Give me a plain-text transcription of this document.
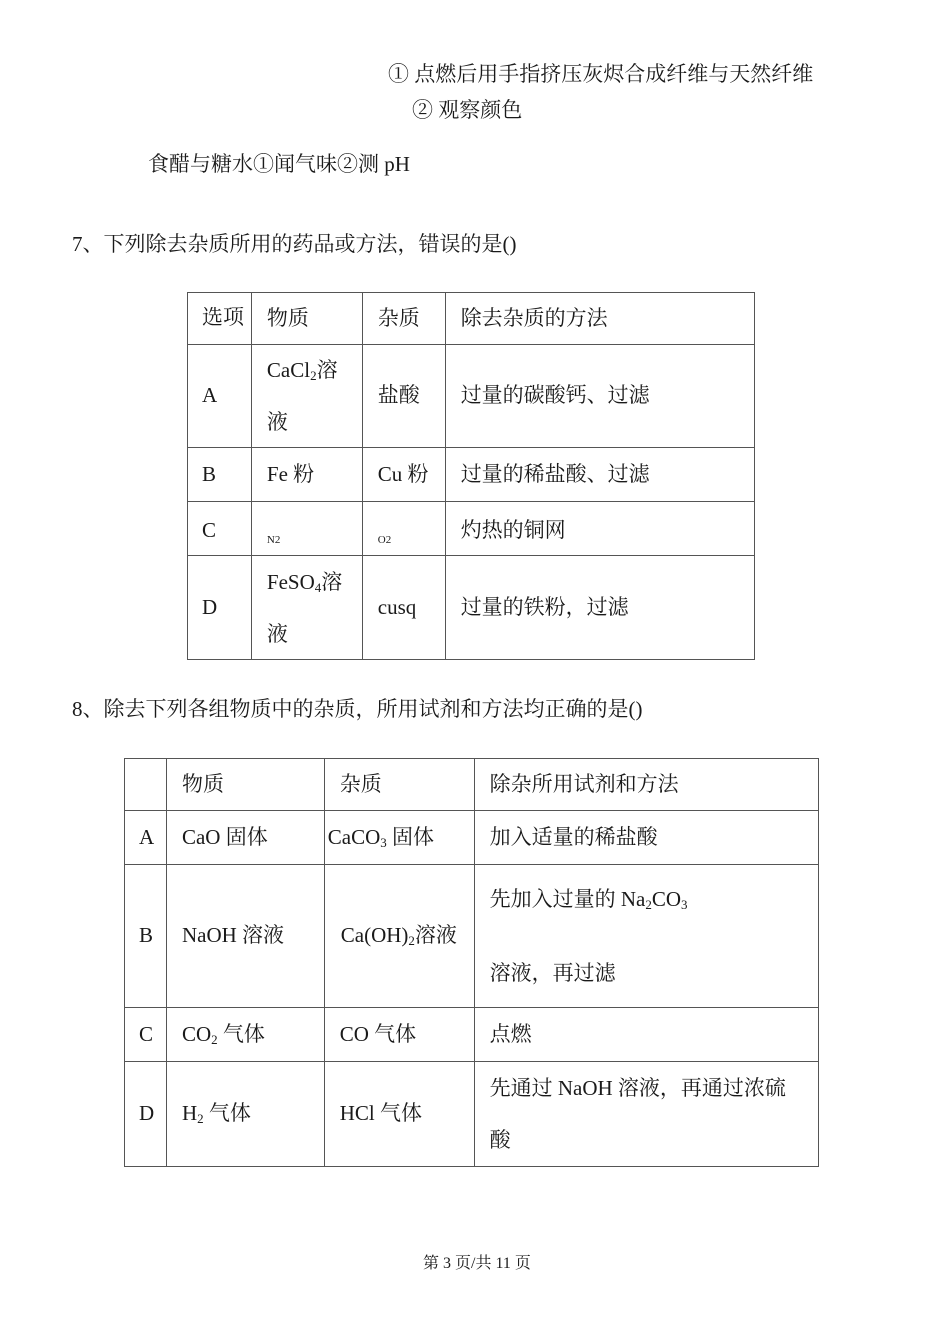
① 点燃后用手指挤压灰烬合成纤维与天然纤维
② 观察颜色
食醋与糖水①闻气味②测 pH
7、下列除去杂质所用的药品或方法，错误的是()
选项	物质	杂质	除去杂质的方法
A	CaCl$_2$溶
液	盐酸	过量的碳酸钙、过滤
B	Fe 粉	Cu 粉	过量的稀盐酸、过滤
C	N2	O2	灼热的铜网
D	FeSO$_4$溶
液	cusq	过量的铁粉，过滤
8、除去下列各组物质中的杂质，所用试剂和方法均正确的是()
	物质	杂质	除杂所用试剂和方法
A	CaO 固体	CaCO$_3$ 固体	加入适量的稀盐酸
B	NaOH 溶液	$Ca(OH)_2$溶液	先加入过量的 $Na_2CO_3$
溶液，再过滤

C	$CO_2$ 气体	CO 气体	点燃
D	$H_2$ 气体	HCl 气体	先通过 NaOH 溶液，再通过浓硫
酸
第 3 页/共 11 页
